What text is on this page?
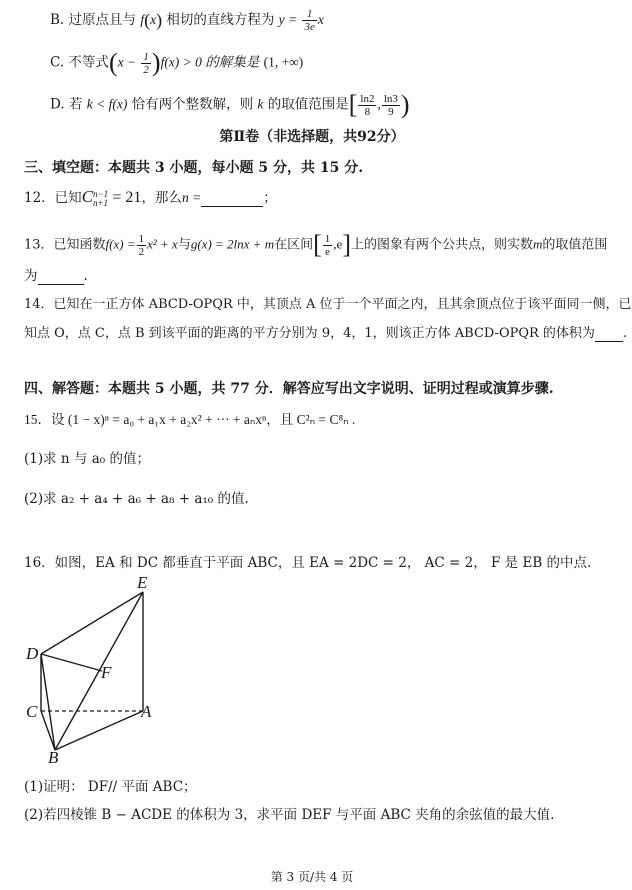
B. 过原点且与 f(x) 相切的直线方程为 $y = \frac{1}{3e}$ x
C. 不等式$(x - \frac{1}{2} )f(x) > 0$ 的解集是 (1, +∞)
D. 若 k < f(x) 恰有两个整数解，则 k 的取值范围是[ $\frac{\ln 2}{8}$ , $\frac{\ln 3}{9}$ )
第Ⅱ卷（非选择题，共92分）
三、填空题：本题共 3 小题，每小题 5 分，共 15 分.
12．已知C n−1
n+1 = 21，那么n =	；
13．已知函数$f(x) = \frac{1}{2} x^2 + x$与g(x) = 2lnx + m在区间[ $\frac{1}{e} ,e$]上的图象有两个公共点，则实数m的取值范围
为	.
14．已知在一正方体 ABCD-OPQR 中，其顶点 A 位于一个平面之内，且其余顶点位于该平面同一侧，已
知点 O，点 C，点 B 到该平面的距离的平方分别为 9，4，1，则该正方体 ABCD-OPQR 的体积为 .
四、解答题：本题共 5 小题，共 77 分．解答应写出文字说明、证明过程或演算步骤.
15．设 (1 − x)ⁿ = a₀ + a₁x + a₂x² + ··· + aₙxⁿ，且 C²ₙ = C⁸ₙ .
(1)求 n 与 a₀ 的值；
(2)求 a₂ + a₄ + a₆ + a₈ + a₁₀ 的值.
16．如图，EA 和 DC 都垂直于平面 ABC，且 EA = 2DC = 2， AC = 2， F 是 EB 的中点.
E
D
F
C	A
B
(1)证明： DF// 平面 ABC；
(2)若四棱锥 B − ACDE 的体积为 3，求平面 DEF 与平面 ABC 夹角的余弦值的最大值.
第 3 页/共 4 页
